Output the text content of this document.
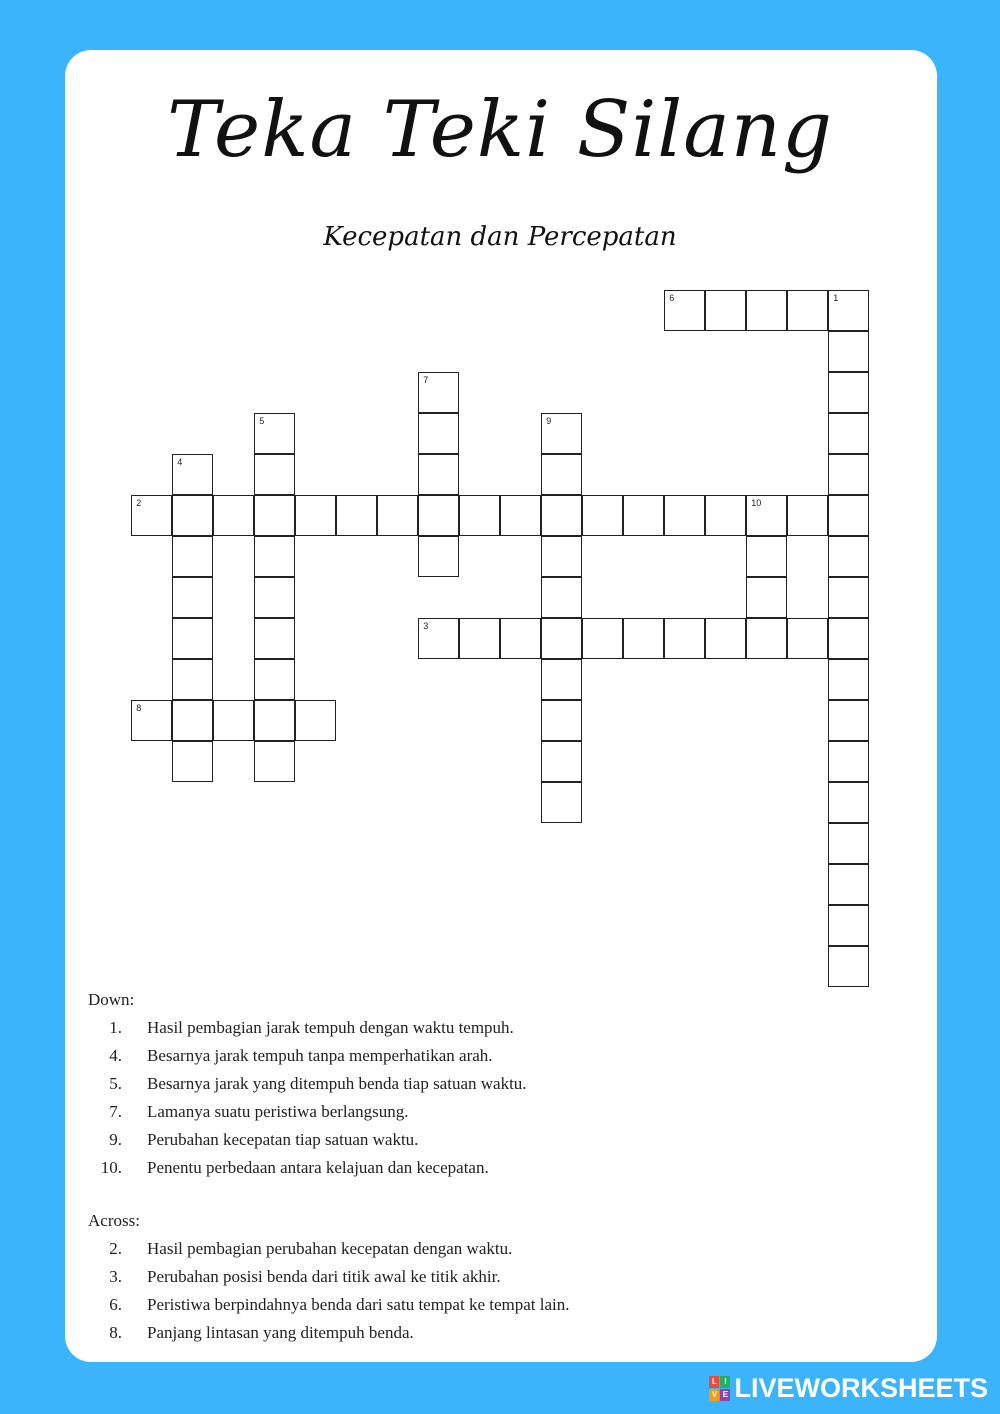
Teka Teki Silang
Kecepatan dan Percepatan
1
2	10
3
4
5
6
7
8
9
Down:
1. Hasil pembagian jarak tempuh dengan waktu tempuh.
4. Besarnya jarak tempuh tanpa memperhatikan arah.
5. Besarnya jarak yang ditempuh benda tiap satuan waktu.
7. Lamanya suatu peristiwa berlangsung.
9. Perubahan kecepatan tiap satuan waktu.
10. Penentu perbedaan antara kelajuan dan kecepatan.
Across:
2. Hasil pembagian perubahan kecepatan dengan waktu.
3. Perubahan posisi benda dari titik awal ke titik akhir.
6. Peristiwa berpindahnya benda dari satu tempat ke tempat lain.
8. Panjang lintasan yang ditempuh benda.
L I
V E LIVEWORKSHEETS
